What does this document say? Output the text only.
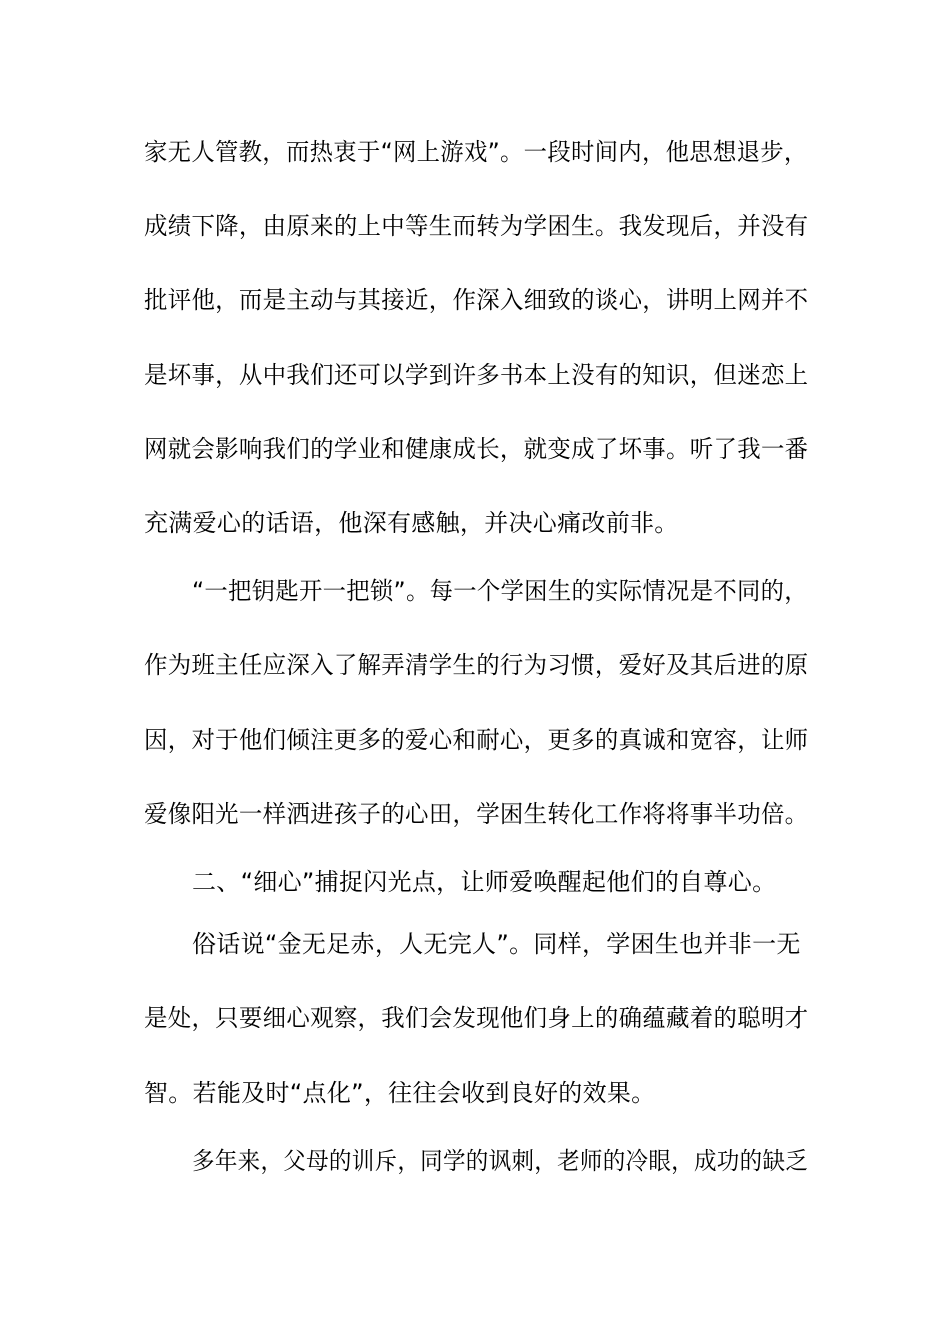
家无人管教，而热衷于“网上游戏”。一段时间内，他思想退步，
成绩下降，由原来的上中等生而转为学困生。我发现后，并没有
批评他，而是主动与其接近，作深入细致的谈心，讲明上网并不
是坏事，从中我们还可以学到许多书本上没有的知识，但迷恋上
网就会影响我们的学业和健康成长，就变成了坏事。听了我一番
充满爱心的话语，他深有感触，并决心痛改前非。
“一把钥匙开一把锁”。每一个学困生的实际情况是不同的，
作为班主任应深入了解弄清学生的行为习惯，爱好及其后进的原
因，对于他们倾注更多的爱心和耐心，更多的真诚和宽容，让师
爱像阳光一样洒进孩子的心田，学困生转化工作将将事半功倍。
二、“细心”捕捉闪光点，让师爱唤醒起他们的自尊心。
俗话说“金无足赤，人无完人”。同样，学困生也并非一无
是处，只要细心观察，我们会发现他们身上的确蕴藏着的聪明才
智。若能及时“点化”，往往会收到良好的效果。
多年来，父母的训斥，同学的讽刺，老师的冷眼，成功的缺乏
